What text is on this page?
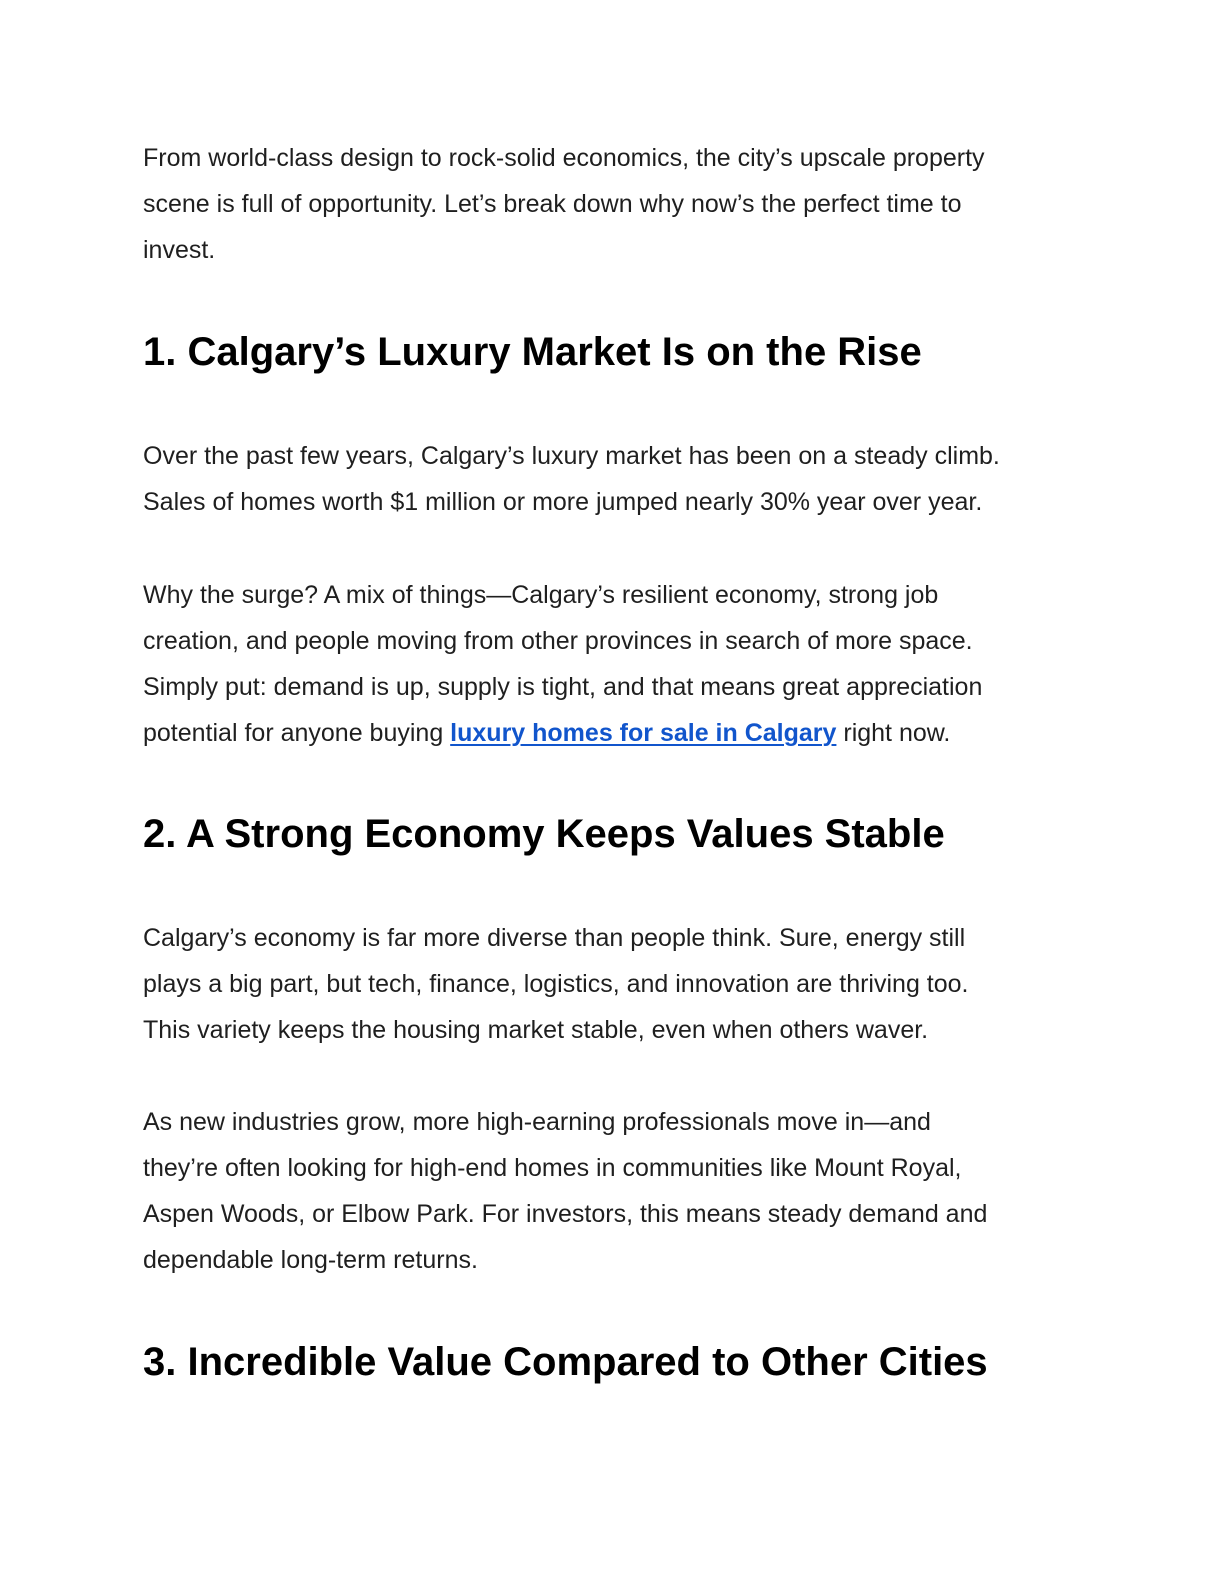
From world-class design to rock-solid economics, the city’s upscale property
scene is full of opportunity. Let’s break down why now’s the perfect time to
invest.

1. Calgary’s Luxury Market Is on the Rise

Over the past few years, Calgary’s luxury market has been on a steady climb.
Sales of homes worth $1 million or more jumped nearly 30% year over year.

Why the surge? A mix of things—Calgary’s resilient economy, strong job
creation, and people moving from other provinces in search of more space.
Simply put: demand is up, supply is tight, and that means great appreciation
potential for anyone buying luxury homes for sale in Calgary right now.

2. A Strong Economy Keeps Values Stable

Calgary’s economy is far more diverse than people think. Sure, energy still
plays a big part, but tech, finance, logistics, and innovation are thriving too.
This variety keeps the housing market stable, even when others waver.

As new industries grow, more high-earning professionals move in—and
they’re often looking for high-end homes in communities like Mount Royal,
Aspen Woods, or Elbow Park. For investors, this means steady demand and
dependable long-term returns.

3. Incredible Value Compared to Other Cities
